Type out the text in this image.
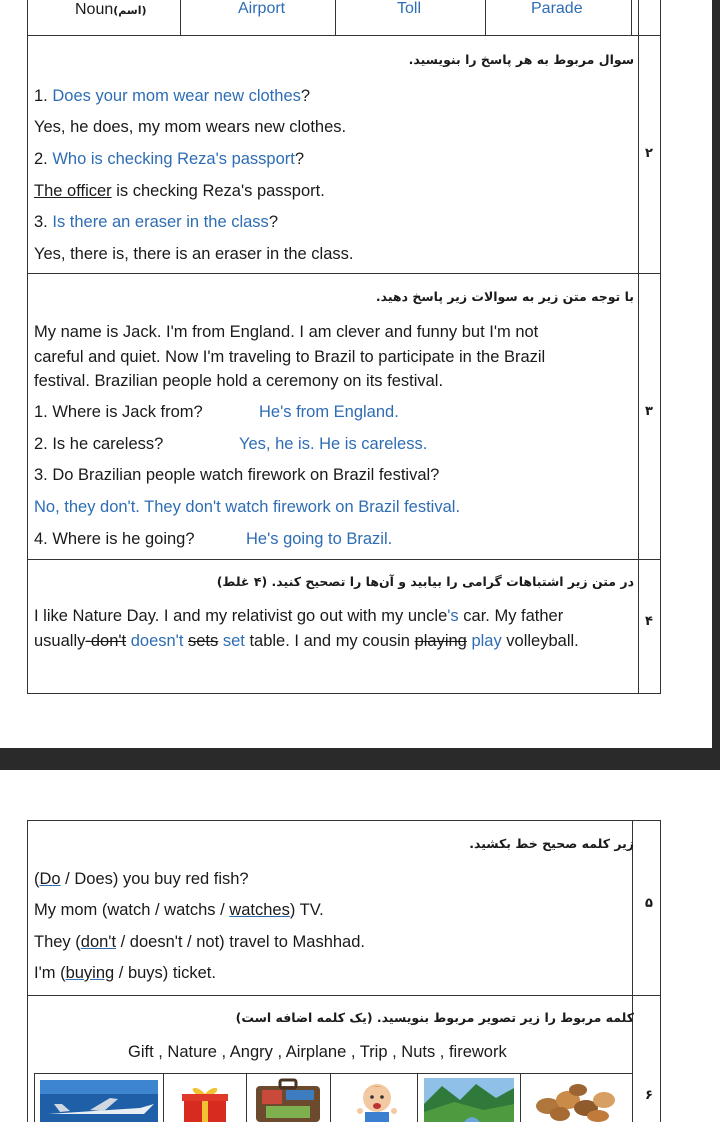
Noun(اسم)	Airport	Toll	Parade
سوال مربوط به هر پاسخ را بنویسید.
۲
1. Does your mom wear new clothes?
Yes, he does, my mom wears new clothes.
2. Who is checking Reza's passport?
The officer is checking Reza's passport.
3. Is there an eraser in the class?
Yes, there is, there is an eraser in the class.
با توجه متن زیر به سوالات زیر پاسخ دهید.
۳
My name is Jack. I'm from England. I am clever and funny but I'm not
careful and quiet. Now I'm traveling to Brazil to participate in the Brazil
festival. Brazilian people hold a ceremony on its festival.
1. Where is Jack from?	He's from England.
2. Is he careless?	Yes, he is. He is careless.
3. Do Brazilian people watch firework on Brazil festival?
No, they don't. They don't watch firework on Brazil festival.
4. Where is he going?	He's going to Brazil.
در متن زیر اشتباهات گرامی را بیابید و آن‌ها را تصحیح کنید. (۴ غلط)
۴
I like Nature Day. I and my relativist go out with my uncle's car. My father
usually-don't doesn't sets set table. I and my cousin playing play volleyball.
زیر کلمه صحیح خط بکشید.
۵
(Do / Does) you buy red fish?
My mom (watch / watchs / watches) TV.
They (don't / doesn't / not) travel to Mashhad.
I'm (buying / buys) ticket.
کلمه مربوط را زیر تصویر مربوط بنویسید. (یک کلمه اضافه است)
۶
Gift , Nature , Angry , Airplane , Trip , Nuts , firework
